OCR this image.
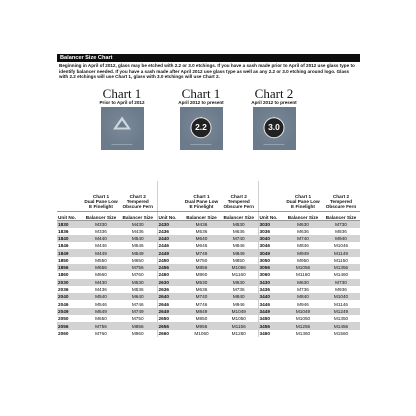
Balancer Size Chart
Beginning in April of 2012, glass may be etched with 2.2 or 3.0 etchings. If you have a sash made prior to April of 2012 use glass type to identify balancer needed. If you have a sash made after April 2012 use glass type as well as any 2.2 or 3.0 etching around logo. Glass with 2.2 etchings will use Chart 1, glass with 3.0 etchings will use Chart 2.
Chart 1
Prior to April of 2012
━━━━━━━━━━━━━━━━
Chart 1
April 2012 to present
2.2
━━━━━━━━━━━━━━━━
Chart 2
April 2012 to present
3.0
━━━━━━━━━━━━━━━━
	Chart 1
Dual Pane Low E Finelight	Chart 2
Tempered Obscure Fern		Chart 1
Dual Pane Low E Finelight	Chart 2
Tempered Obscure Fern		Chart 1
Dual Pane Low E Finelight	Chart 2
Tempered Obscure Fern
Unit No.	Balancer Size	Balancer Size	Unit No.	Balancer Size	Balancer Size	Unit No.	Balancer Size	Balancer Size
1830	M330	M430	2430	M436	M530	3030	M630	M730
1836	M336	M436	2436	M536	M636	3036	M636	M836
1840	M440	M540	2440	M640	M740	3040	M740	M940
1846	M446	M546	2446	M646	M846	3046	M846	M1046
1849	M449	M549	2449	M749	M849	3049	M949	M1149
1850	M550	M650	2450	M750	M850	3050	M950	M1150
1856	M656	M756	2456	M856	M1056	3056	M1056	M1356
1860	M660	M760	2460	M860	M1160	3060	M1160	M1460
2030	M430	M530	2630	M530	M630	3430	M630	M730
2036	M436	M536	2636	M636	M736	3436	M736	M936
2040	M540	M640	2640	M740	M840	3440	M840	M1040
2046	M546	M746	2646	M746	M946	3446	M946	M1146
2049	M649	M749	2649	M849	M1049	3449	M1049	M1249
2050	M650	M750	2650	M850	M1050	3450	M1050	M1350
2056	M756	M856	2656	M956	M1156	3456	M1256	M1456
2060	M760	M960	2660	M1060	M1260	3460	M1360	M1560
